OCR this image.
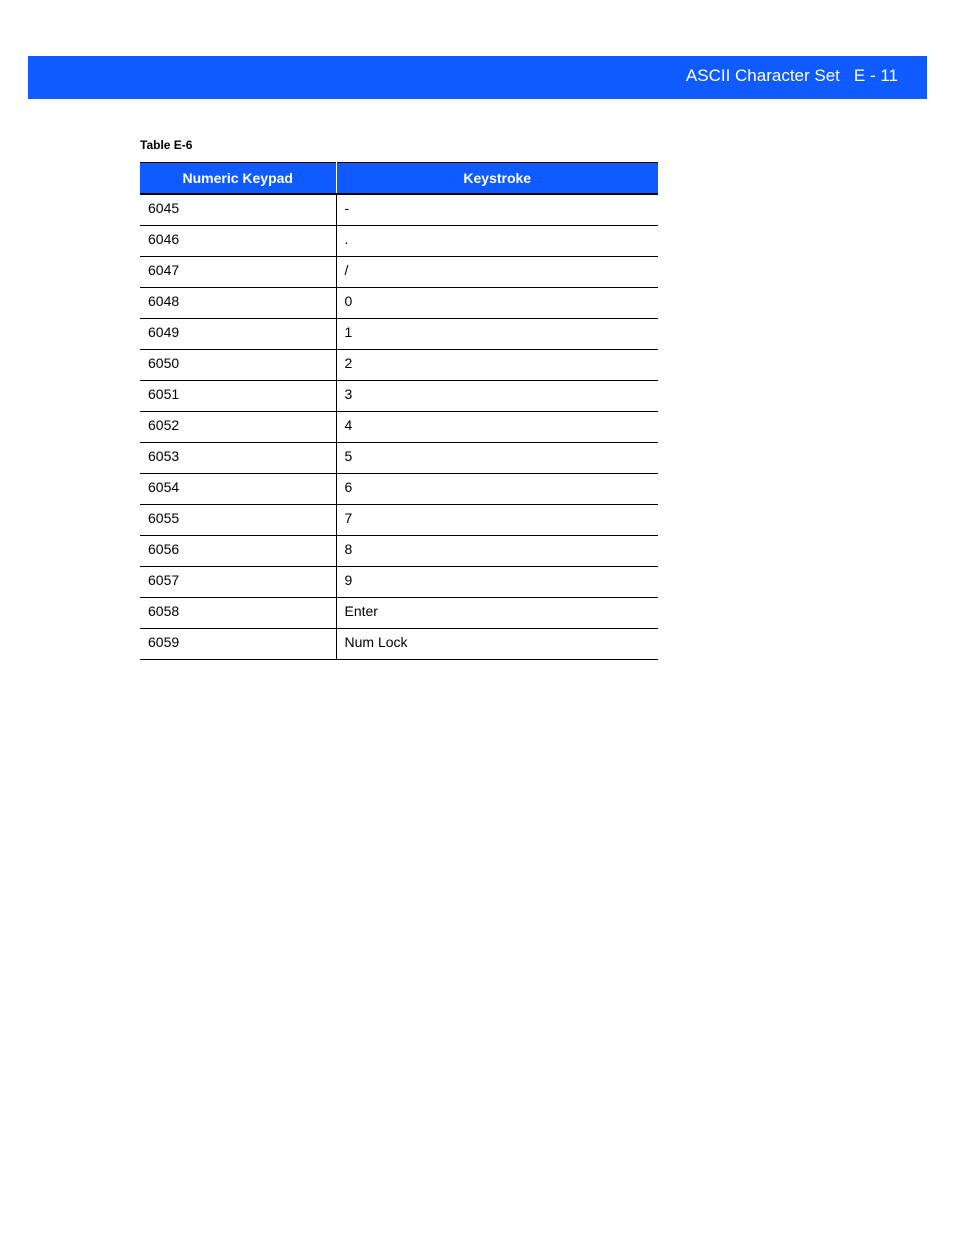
ASCII Character Set E - 11
Table E-6
Numeric Keypad	Keystroke
6045	-
6046	.
6047	/
6048	0
6049	1
6050	2
6051	3
6052	4
6053	5
6054	6
6055	7
6056	8
6057	9
6058	Enter
6059	Num Lock
